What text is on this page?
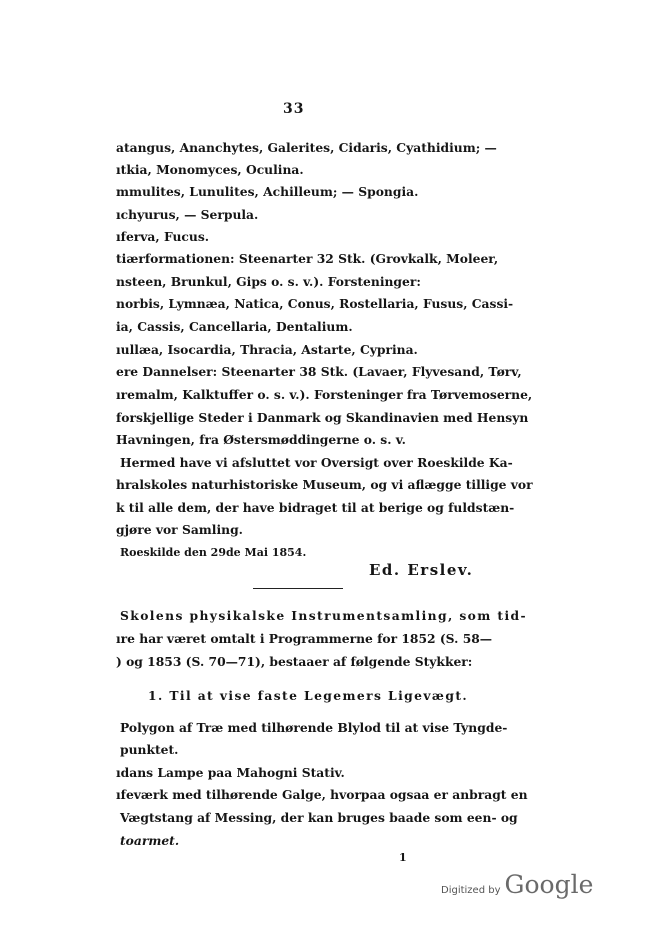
33
atangus, Ananchytes, Galerites, Cidaris, Cyathidium; —
ıtkia, Monomyces, Oculina.
mmulites, Lunulites, Achilleum; — Spongia.
ıchyurus, — Serpula.
ıferva, Fucus.
tiærformationen: Steenarter 32 Stk. (Grovkalk, Moleer,
nsteen, Brunkul, Gips o. s. v.). Forsteninger:
norbis, Lymnæa, Natica, Conus, Rostellaria, Fusus, Cassi-
ia, Cassis, Cancellaria, Dentalium.
ıullæa, Isocardia, Thracia, Astarte, Cyprina.
ere Dannelser: Steenarter 38 Stk. (Lavaer, Flyvesand, Tørv,
ıremalm, Kalktuffer o. s. v.). Forsteninger fra Tørvemoserne,
forskjellige Steder i Danmark og Skandinavien med Hensyn
Havningen, fra Østersmøddingerne o. s. v.
Hermed have vi afsluttet vor Oversigt over Roeskilde Ka-
hralskoles naturhistoriske Museum, og vi aflægge tillige vor
k til alle dem, der have bidraget til at berige og fuldstæn-
gjøre vor Samling.
Roeskilde den 29de Mai 1854.
Ed. Erslev.
Skolens physikalske Instrumentsamling, som tid-
ıre har været omtalt i Programmerne for 1852 (S. 58—
) og 1853 (S. 70—71), bestaaer af følgende Stykker:
1. Til at vise faste Legemers Ligevægt.
Polygon af Træ med tilhørende Blylod til at vise Tyngde-
punktet.
ıdans Lampe paa Mahogni Stativ.
ıfeværk med tilhørende Galge, hvorpaa ogsaa er anbragt en
Vægtstang af Messing, der kan bruges baade som een- og
toarmet.
1
Digitized by Google
